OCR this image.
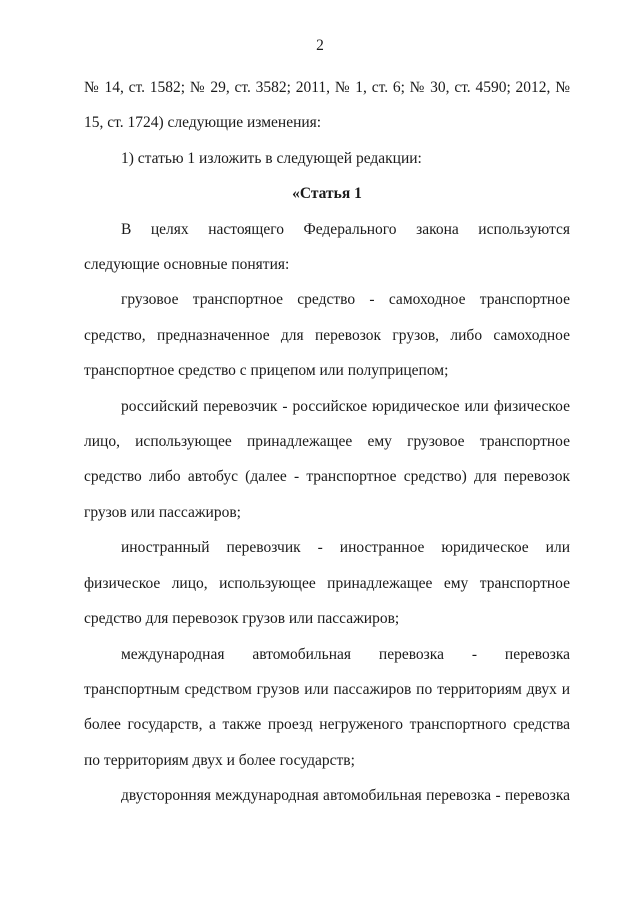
2

№ 14, ст. 1582; № 29, ст. 3582; 2011, № 1, ст. 6; № 30, ст. 4590; 2012, № 15, ст. 1724) следующие изменения:

1) статью 1 изложить в следующей редакции:

«Статья 1

В целях настоящего Федерального закона используются следующие основные понятия:

грузовое транспортное средство - самоходное транспортное средство, предназначенное для перевозок грузов, либо самоходное транспортное средство с прицепом или полуприцепом;

российский перевозчик - российское юридическое или физическое лицо, использующее принадлежащее ему грузовое транспортное средство либо автобус (далее - транспортное средство) для перевозок грузов или пассажиров;

иностранный перевозчик - иностранное юридическое или физическое лицо, использующее принадлежащее ему транспортное средство для перевозок грузов или пассажиров;

международная автомобильная перевозка - перевозка транспортным средством грузов или пассажиров по территориям двух и более государств, а также проезд негруженого транспортного средства по территориям двух и более государств;

двусторонняя международная автомобильная перевозка - перевозка
